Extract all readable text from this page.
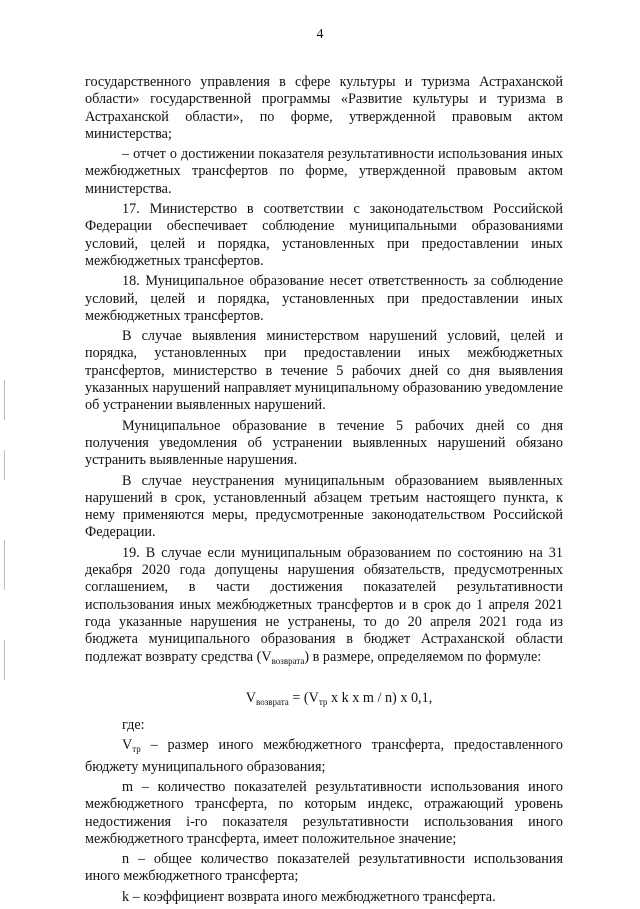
4

государственного управления в сфере культуры и туризма Астраханской области» государственной программы «Развитие культуры и туризма в Астраханской области», по форме, утвержденной правовым актом министерства;

– отчет о достижении показателя результативности использования иных межбюджетных трансфертов по форме, утвержденной правовым актом министерства.

17. Министерство в соответствии с законодательством Российской Федерации обеспечивает соблюдение муниципальными образованиями условий, целей и порядка, установленных при предоставлении иных межбюджетных трансфертов.

18. Муниципальное образование несет ответственность за соблюдение условий, целей и порядка, установленных при предоставлении иных межбюджетных трансфертов.

В случае выявления министерством нарушений условий, целей и порядка, установленных при предоставлении иных межбюджетных трансфертов, министерство в течение 5 рабочих дней со дня выявления указанных нарушений направляет муниципальному образованию уведомление об устранении выявленных нарушений.

Муниципальное образование в течение 5 рабочих дней со дня получения уведомления об устранении выявленных нарушений обязано устранить выявленные нарушения.

В случае неустранения муниципальным образованием выявленных нарушений в срок, установленный абзацем третьим настоящего пункта, к нему применяются меры, предусмотренные законодательством Российской Федерации.

19. В случае если муниципальным образованием по состоянию на 31 декабря 2020 года допущены нарушения обязательств, предусмотренных соглашением, в части достижения показателей результативности использования иных межбюджетных трансфертов и в срок до 1 апреля 2021 года указанные нарушения не устранены, то до 20 апреля 2021 года из бюджета муниципального образования в бюджет Астраханской области подлежат возврату средства $(V_{возврата})$ в размере, определяемом по формуле:

$V_{возврата} = (V_{тр}$ x k x m / n) x 0,1,

где:

$V_{тр}$ – размер иного межбюджетного трансферта, предоставленного бюджету муниципального образования;

m – количество показателей результативности использования иного межбюджетного трансферта, по которым индекс, отражающий уровень недостижения i-го показателя результативности использования иного межбюджетного трансферта, имеет положительное значение;

n – общее количество показателей результативности использования иного межбюджетного трансферта;

k – коэффициент возврата иного межбюджетного трансферта.
